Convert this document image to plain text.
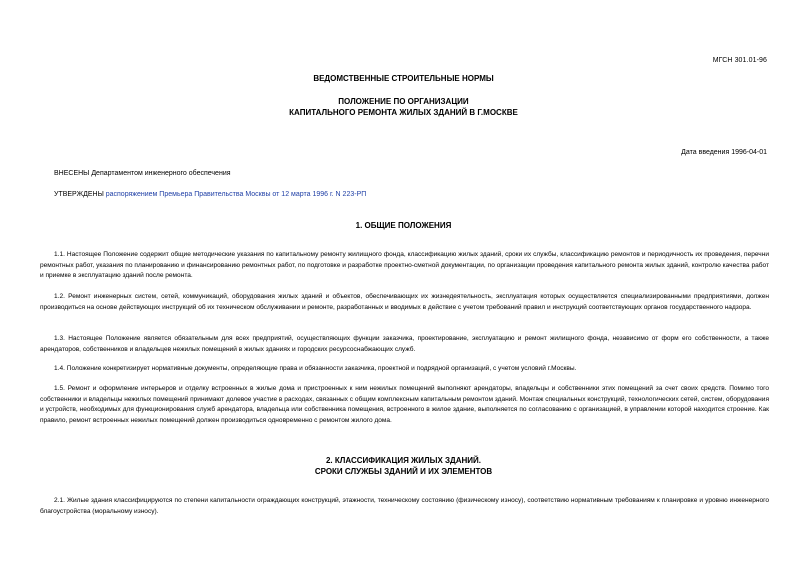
МГСН 301.01-96
ВЕДОМСТВЕННЫЕ СТРОИТЕЛЬНЫЕ НОРМЫ
ПОЛОЖЕНИЕ ПО ОРГАНИЗАЦИИ
КАПИТАЛЬНОГО РЕМОНТА ЖИЛЫХ ЗДАНИЙ В Г.МОСКВЕ
Дата введения 1996-04-01
ВНЕСЕНЫ Департаментом инженерного обеспечения
УТВЕРЖДЕНЫ распоряжением Премьера Правительства Москвы от 12 марта 1996 г. N 223-РП
1. ОБЩИЕ ПОЛОЖЕНИЯ
1.1. Настоящее Положение содержит общие методические указания по капитальному ремонту жилищного фонда, классификацию жилых зданий, сроки их службы, классификацию ремонтов и периодичность их проведения, перечни ремонтных работ, указания по планированию и финансированию ремонтных работ, по подготовке и разработке проектно-сметной документации, по организации проведения капитального ремонта жилых зданий, контролю качества работ и приемке в эксплуатацию зданий после ремонта.
1.2. Ремонт инженерных систем, сетей, коммуникаций, оборудования жилых зданий и объектов, обеспечивающих их жизнедеятельность, эксплуатация которых осуществляется специализированными предприятиями, должен производиться на основе действующих инструкций об их техническом обслуживании и ремонте, разработанных и вводимых в действие с учетом требований правил и инструкций соответствующих органов государственного надзора.
1.3. Настоящее Положение является обязательным для всех предприятий, осуществляющих функции заказчика, проектирование, эксплуатацию и ремонт жилищного фонда, независимо от форм его собственности, а также арендаторов, собственников и владельцев нежилых помещений в жилых зданиях и городских ресурсоснабжающих служб.
1.4. Положение конкретизирует нормативные документы, определяющие права и обязанности заказчика, проектной и подрядной организаций, с учетом условий г.Москвы.
1.5. Ремонт и оформление интерьеров и отделку встроенных в жилые дома и пристроенных к ним нежилых помещений выполняют арендаторы, владельцы и собственники этих помещений за счет своих средств. Помимо того собственники и владельцы нежилых помещений принимают долевое участие в расходах, связанных с общим комплексным капитальным ремонтом зданий. Монтаж специальных конструкций, технологических сетей, систем, оборудования и устройств, необходимых для функционирования служб арендатора, владельца или собственника помещения, встроенного в жилое здание, выполняется по согласованию с организацией, в управлении которой находится строение. Как правило, ремонт встроенных нежилых помещений должен производиться одновременно с ремонтом жилого дома.
2. КЛАССИФИКАЦИЯ ЖИЛЫХ ЗДАНИЙ.
СРОКИ СЛУЖБЫ ЗДАНИЙ И ИХ ЭЛЕМЕНТОВ
2.1. Жилые здания классифицируются по степени капитальности ограждающих конструкций, этажности, техническому состоянию (физическому износу), соответствию нормативным требованиям к планировке и уровню инженерного благоустройства (моральному износу).
